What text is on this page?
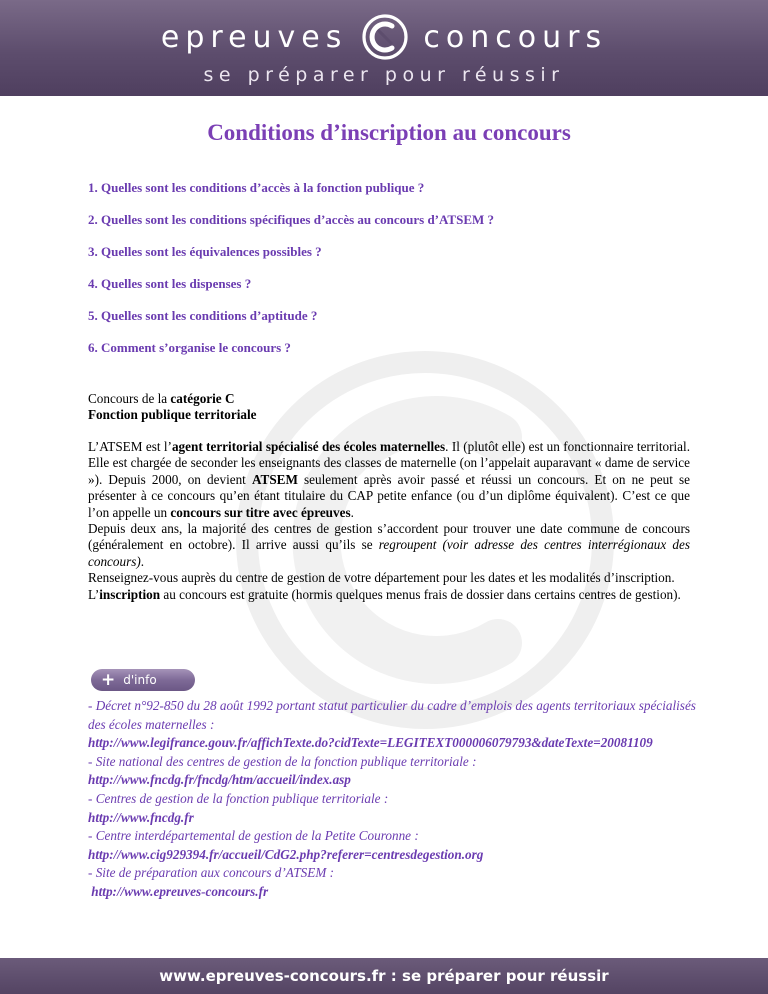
epreuves	concours
se préparer pour réussir
Conditions d’inscription au concours
1. Quelles sont les conditions d’accès à la fonction publique ?
2. Quelles sont les conditions spécifiques d’accès au concours d’ATSEM ?
3. Quelles sont les équivalences possibles ?
4. Quelles sont les dispenses ?
5. Quelles sont les conditions d’aptitude ?
6. Comment s’organise le concours ?
Concours de la catégorie C
Fonction publique territoriale

L’ATSEM est l’agent territorial spécialisé des écoles maternelles. Il (plutôt elle) est un fonctionnaire territorial. Elle est chargée de seconder les enseignants des classes de maternelle (on l’appelait auparavant « dame de service »). Depuis 2000, on devient ATSEM seulement après avoir passé et réussi un concours. Et on ne peut se présenter à ce concours qu’en étant titulaire du CAP petite enfance (ou d’un diplôme équivalent). C’est ce que l’on appelle un concours sur titre avec épreuves.

Depuis deux ans, la majorité des centres de gestion s’accordent pour trouver une date commune de concours (généralement en octobre). Il arrive aussi qu’ils se regroupent (voir adresse des centres interrégionaux des concours).

Renseignez-vous auprès du centre de gestion de votre département pour les dates et les modalités d’inscription.

L’inscription au concours est gratuite (hormis quelques menus frais de dossier dans certains centres de gestion).

+ d'info
- Décret n°92-850 du 28 août 1992 portant statut particulier du cadre d’emplois des agents territoriaux spécialisés des écoles maternelles :
http://www.legifrance.gouv.fr/affichTexte.do?cidTexte=LEGITEXT000006079793&dateTexte=20081109
- Site national des centres de gestion de la fonction publique territoriale :
http://www.fncdg.fr/fncdg/htm/accueil/index.asp
- Centres de gestion de la fonction publique territoriale :
http://www.fncdg.fr
- Centre interdépartemental de gestion de la Petite Couronne :
http://www.cig929394.fr/accueil/CdG2.php?referer=centresdegestion.org
- Site de préparation aux concours d’ATSEM :
http://www.epreuves-concours.fr
www.epreuves-concours.fr : se préparer pour réussir
